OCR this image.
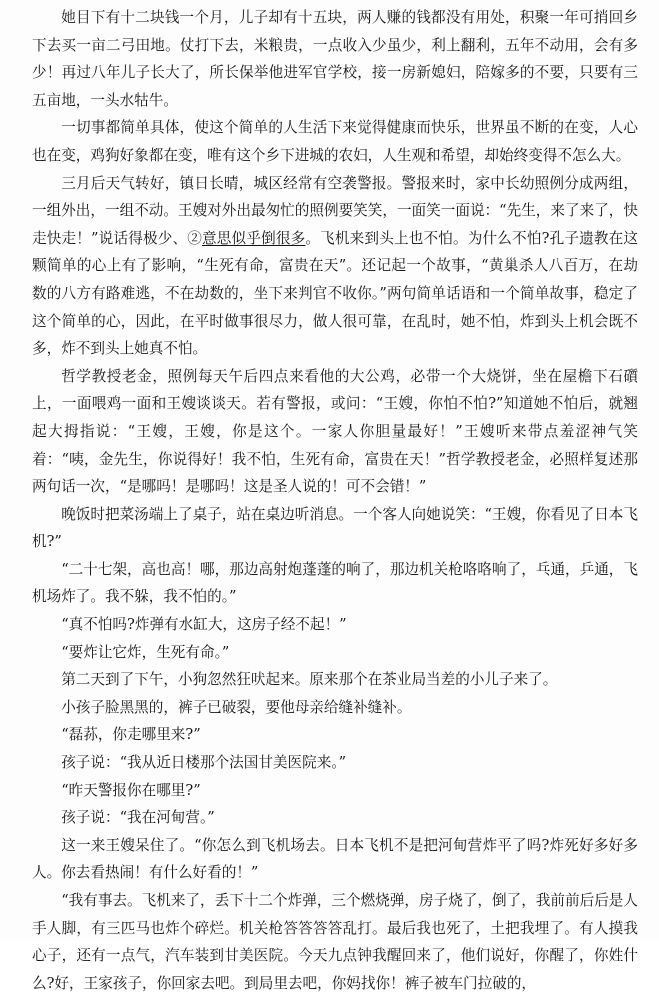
她目下有十二块钱一个月，儿子却有十五块，两人赚的钱都没有用处，积聚一年可捎回乡下去买一亩二弓田地。仗打下去，米粮贵，一点收入少虽少，利上翻利，五年不动用，会有多少！再过八年儿子长大了，所长保举他进军官学校，接一房新媳妇，陪嫁多的不要，只要有三五亩地，一头水牯牛。

一切事都简单具体，使这个简单的人生活下来觉得健康而快乐，世界虽不断的在变，人心也在变，鸡狗好象都在变，唯有这个乡下进城的农妇，人生观和希望，却始终变得不怎么大。

三月后天气转好，镇日长晴，城区经常有空袭警报。警报来时，家中长幼照例分成两组，一组外出，一组不动。王嫂对外出最匆忙的照例要笑笑，一面笑一面说：“先生，来了来了，快走快走！”说话得极少、②意思似乎倒很多。飞机来到头上也不怕。为什么不怕?孔子遗教在这颗简单的心上有了影响，“生死有命，富贵在天”。还记起一个故事，“黄巢杀人八百万，在劫数的八方有路难逃，不在劫数的，坐下来判官不收你。”两句简单话语和一个简单故事，稳定了这个简单的心，因此，在平时做事很尽力，做人很可靠，在乱时，她不怕，炸到头上机会既不多，炸不到头上她真不怕。

哲学教授老金，照例每天午后四点来看他的大公鸡，必带一个大烧饼，坐在屋檐下石礩上，一面喂鸡一面和王嫂谈谈天。若有警报，或问：“王嫂，你怕不怕?”知道她不怕后，就翘起大拇指说：“王嫂，王嫂，你是这个。一家人你胆量最好！”王嫂听来带点羞涩神气笑着：“咦，金先生，你说得好！我不怕，生死有命，富贵在天！”哲学教授老金，必照样复述那两句话一次，“是哪吗！是哪吗！这是圣人说的！可不会错！”

晚饭时把菜汤端上了桌子，站在桌边听消息。一个客人向她说笑：“王嫂，你看见了日本飞机?”

“二十七架，高也高！哪，那边高射炮蓬蓬的响了，那边机关枪咯咯响了，乓通，乒通，飞机场炸了。我不躲，我不怕的。”

“真不怕吗?炸弹有水缸大，这房子经不起！”

“要炸让它炸，生死有命。”

第二天到了下午，小狗忽然狂吠起来。原来那个在茶业局当差的小儿子来了。

小孩子脸黑黑的，裤子已破裂，要他母亲给缝补缝补。

“磊荪，你走哪里来?”

孩子说：“我从近日楼那个法国甘美医院来。”

“昨天警报你在哪里?”

孩子说：“我在河甸营。”

这一来王嫂呆住了。“你怎么到飞机场去。日本飞机不是把河甸营炸平了吗?炸死好多好多人。你去看热闹！有什么好看的！”

“我有事去。飞机来了，丢下十二个炸弹，三个燃烧弹，房子烧了，倒了，我前前后后是人手人脚，有三匹马也炸个碎烂。机关枪答答答答乱打。最后我也死了，土把我埋了。有人摸我心子，还有一点气，汽车装到甘美医院。今天九点钟我醒回来了，他们说好，你醒了，你姓什么?好，王家孩子，你回家去吧。到局里去吧，你妈找你！裤子被车门拉破的，
